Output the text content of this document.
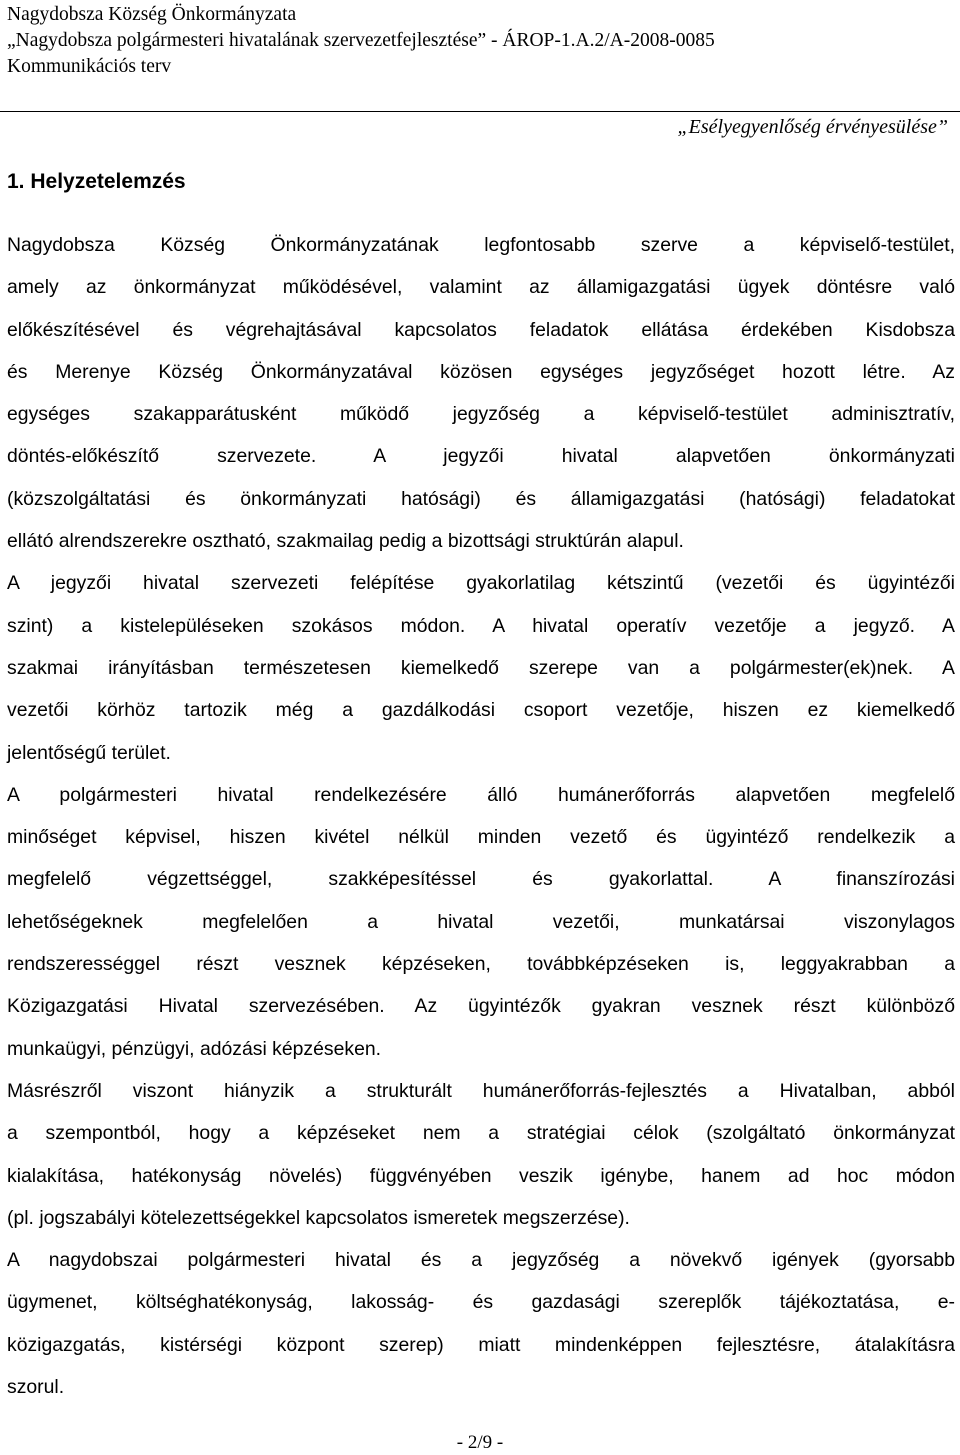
Nagydobsza Község Önkormányzata
„Nagydobsza polgármesteri hivatalának szervezetfejlesztése” - ÁROP-1.A.2/A-2008-0085
Kommunikációs terv
„Esélyegyenlőség érvényesülése”
1. Helyzetelemzés
Nagydobsza Község Önkormányzatának legfontosabb szerve a képviselő-testület,
amely az önkormányzat működésével, valamint az államigazgatási ügyek döntésre való
előkészítésével és végrehajtásával kapcsolatos feladatok ellátása érdekében Kisdobsza
és Merenye Község Önkormányzatával közösen egységes jegyzőséget hozott létre. Az
egységes szakapparátusként működő jegyzőség a képviselő-testület adminisztratív,
döntés-előkészítő szervezete. A jegyzői hivatal alapvetően önkormányzati
(közszolgáltatási és önkormányzati hatósági) és államigazgatási (hatósági) feladatokat
ellátó alrendszerekre osztható, szakmailag pedig a bizottsági struktúrán alapul.
A jegyzői hivatal szervezeti felépítése gyakorlatilag kétszintű (vezetői és ügyintézői
szint) a kistelepüléseken szokásos módon. A hivatal operatív vezetője a jegyző. A
szakmai irányításban természetesen kiemelkedő szerepe van a polgármester(ek)nek. A
vezetői körhöz tartozik még a gazdálkodási csoport vezetője, hiszen ez kiemelkedő
jelentőségű terület.
A polgármesteri hivatal rendelkezésére álló humánerőforrás alapvetően megfelelő
minőséget képvisel, hiszen kivétel nélkül minden vezető és ügyintéző rendelkezik a
megfelelő végzettséggel, szakképesítéssel és gyakorlattal. A finanszírozási
lehetőségeknek megfelelően a hivatal vezetői, munkatársai viszonylagos
rendszerességgel részt vesznek képzéseken, továbbképzéseken is, leggyakrabban a
Közigazgatási Hivatal szervezésében. Az ügyintézők gyakran vesznek részt különböző
munkaügyi, pénzügyi, adózási képzéseken.
Másrészről viszont hiányzik a strukturált humánerőforrás-fejlesztés a Hivatalban, abból
a szempontból, hogy a képzéseket nem a stratégiai célok (szolgáltató önkormányzat
kialakítása, hatékonyság növelés) függvényében veszik igénybe, hanem ad hoc módon
(pl. jogszabályi kötelezettségekkel kapcsolatos ismeretek megszerzése).
A nagydobszai polgármesteri hivatal és a jegyzőség a növekvő igények (gyorsabb
ügymenet, költséghatékonyság, lakosság- és gazdasági szereplők tájékoztatása, e-
közigazgatás, kistérségi központ szerep) miatt mindenképpen fejlesztésre, átalakításra
szorul.
- 2/9 -
